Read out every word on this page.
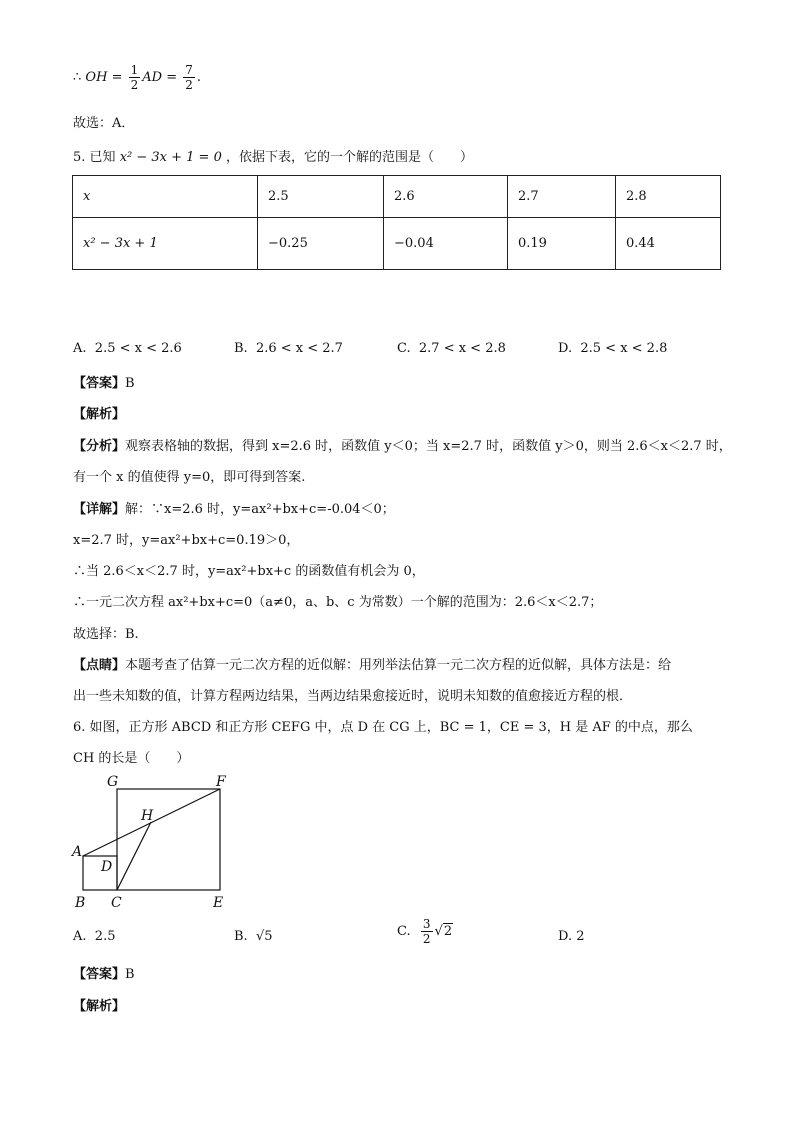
∴ OH = $\frac{1}{2}$ AD = $\frac{7}{2}$ .
故选：A．
5. 已知 x² − 3x + 1 = 0 ，依据下表，它的一个解的范围是（　　）
x	2.5	2.6	2.7	2.8
x² − 3x + 1	−0.25	−0.04	0.19	0.44
A. 2.5 < x < 2.6	B. 2.6 < x < 2.7	C. 2.7 < x < 2.8	D. 2.5 < x < 2.8
【答案】B
【解析】
【分析】观察表格轴的数据，得到 x=2.6 时，函数值 y＜0；当 x=2.7 时，函数值 y＞0，则当 2.6＜x＜2.7 时，
有一个 x 的值使得 y=0，即可得到答案.
【详解】解：∵x=2.6 时，y=ax²+bx+c=-0.04＜0；
x=2.7 时，y=ax²+bx+c=0.19＞0，
∴当 2.6＜x＜2.7 时，y=ax²+bx+c 的函数值有机会为 0，
∴一元二次方程 ax²+bx+c=0（a≠0，a、b、c 为常数）一个解的范围为：2.6＜x＜2.7；
故选择：B.
【点睛】本题考查了估算一元二次方程的近似解：用列举法估算一元二次方程的近似解，具体方法是：给
出一些未知数的值，计算方程两边结果，当两边结果愈接近时，说明未知数的值愈接近方程的根．
6. 如图，正方形 ABCD 和正方形 CEFG 中，点 D 在 CG 上，BC = 1，CE = 3，H 是 AF 的中点，那么
CH 的长是（　　）
G	F
H
A
D
B C	E
A. 2.5	B. √5	C. $\frac{3}{2} √2$	D. 2
【答案】B
【解析】
